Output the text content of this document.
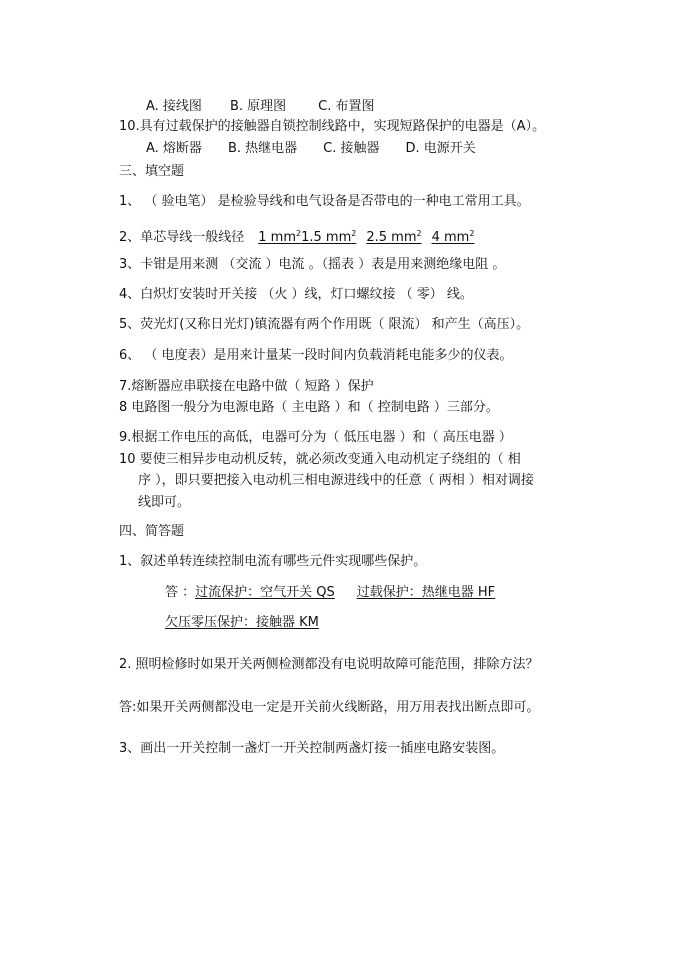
A. 接线图 B. 原理图 C. 布置图
10.具有过载保护的接触器自锁控制线路中，实现短路保护的电器是（A）。
A. 熔断器 B. 热继电器 C. 接触器 D. 电源开关
三、填空题
1、 （ 验电笔） 是检验导线和电气设备是否带电的一种电工常用工具。
2、单芯导线一般线径 1 $mm^21.5$ $mm^2$ 2.5 $mm^2$ 4 $mm^2$
3、卡钳是用来测 （交流 ）电流 。（摇表 ）表是用来测绝缘电阻 。
4、白炽灯安装时开关接 （火 ）线，灯口螺纹接 （ 零） 线。
5、荧光灯(又称日光灯)镇流器有两个作用既（ 限流） 和产生（高压）。
6、 （ 电度表）是用来计量某一段时间内负载消耗电能多少的仪表。
7.熔断器应串联接在电路中做（ 短路 ）保护
8 电路图一般分为电源电路（ 主电路 ）和（ 控制电路 ）三部分。
9.根据工作电压的高低，电器可分为（ 低压电器 ）和（ 高压电器 ）
10 要使三相异步电动机反转，就必须改变通入电动机定子绕组的（ 相
序 ），即只要把接入电动机三相电源进线中的任意（ 两相 ）相对调接
线即可。
四、简答题
1、叙述单转连续控制电流有哪些元件实现哪些保护。
答 ：过流保护：空气开关 QS 过载保护：热继电器 HF
欠压零压保护：接触器 KM
2. 照明检修时如果开关两侧检测都没有电说明故障可能范围，排除方法？
答:如果开关两侧都没电一定是开关前火线断路，用万用表找出断点即可。
3、画出一开关控制一盏灯一开关控制两盏灯接一插座电路安装图。
